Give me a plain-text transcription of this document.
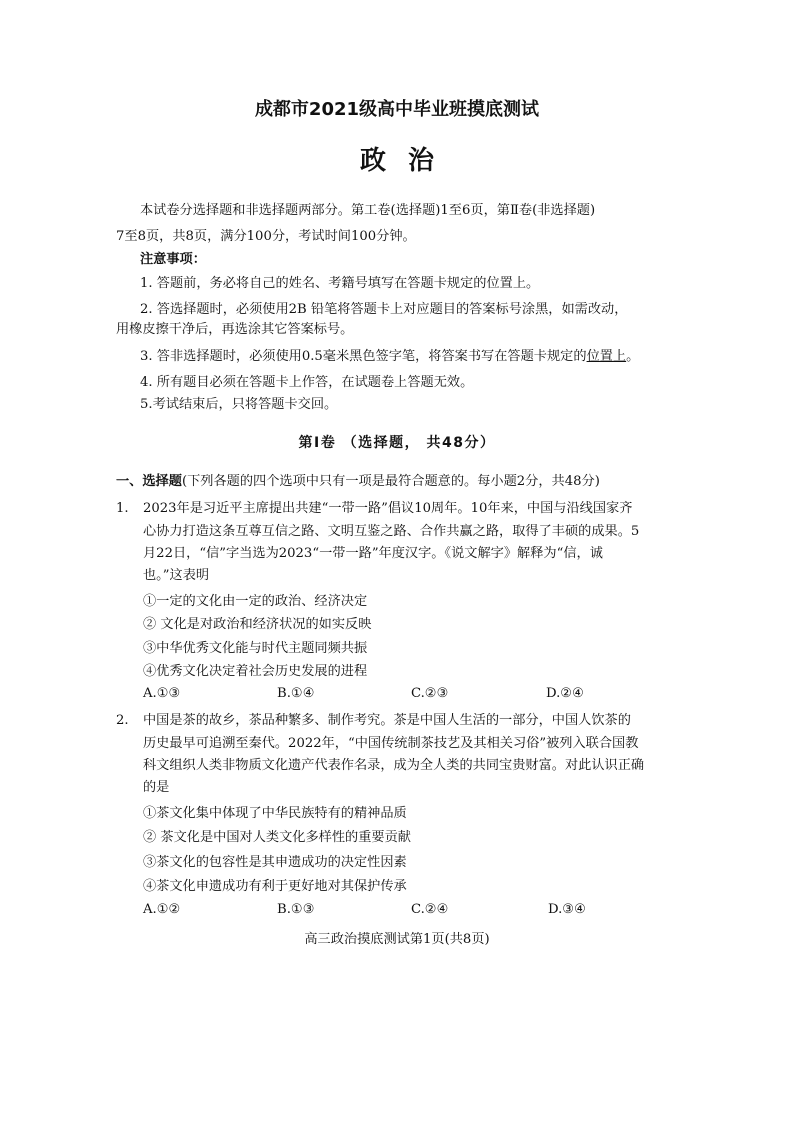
成都市2021级高中毕业班摸底测试
政治
本试卷分选择题和非选择题两部分。第工卷(选择题)1至6页，第Ⅱ卷(非选择题)
7至8页，共8页，满分100分，考试时间100分钟。
注意事项：
1. 答题前，务必将自己的姓名、考籍号填写在答题卡规定的位置上。
2. 答选择题时，必须使用2B 铅笔将答题卡上对应题目的答案标号涂黑，如需改动，
用橡皮擦干净后，再选涂其它答案标号。
3. 答非选择题时，必须使用0.5毫米黑色签字笔，将答案书写在答题卡规定的位置上。
4. 所有题目必须在答题卡上作答，在试题卷上答题无效。
5.考试结束后，只将答题卡交回。
第Ⅰ卷 （选择题， 共48分）
一、选择题(下列各题的四个选项中只有一项是最符合题意的。每小题2分，共48分)
1. 2023年是习近平主席提出共建“一带一路”倡议10周年。10年来，中国与沿线国家齐
心协力打造这条互尊互信之路、文明互鉴之路、合作共赢之路，取得了丰硕的成果。5
月22日，“信”字当选为2023“一带一路”年度汉字。《说文解字》解释为“信，诚
也。”这表明
①一定的文化由一定的政治、经济决定
② 文化是对政治和经济状况的如实反映
③中华优秀文化能与时代主题同频共振
④优秀文化决定着社会历史发展的进程
A.①③	B.①④	C.②③	D.②④
2. 中国是茶的故乡，茶品种繁多、制作考究。茶是中国人生活的一部分，中国人饮茶的
历史最早可追溯至秦代。2022年，“中国传统制茶技艺及其相关习俗”被列入联合国教
科文组织人类非物质文化遗产代表作名录，成为全人类的共同宝贵财富。对此认识正确
的是
①茶文化集中体现了中华民族特有的精神品质
② 茶文化是中国对人类文化多样性的重要贡献
③茶文化的包容性是其申遗成功的决定性因素
④茶文化申遗成功有利于更好地对其保护传承
A.①②	B.①③	C.②④	D.③④
高三政治摸底测试第1页(共8页)
